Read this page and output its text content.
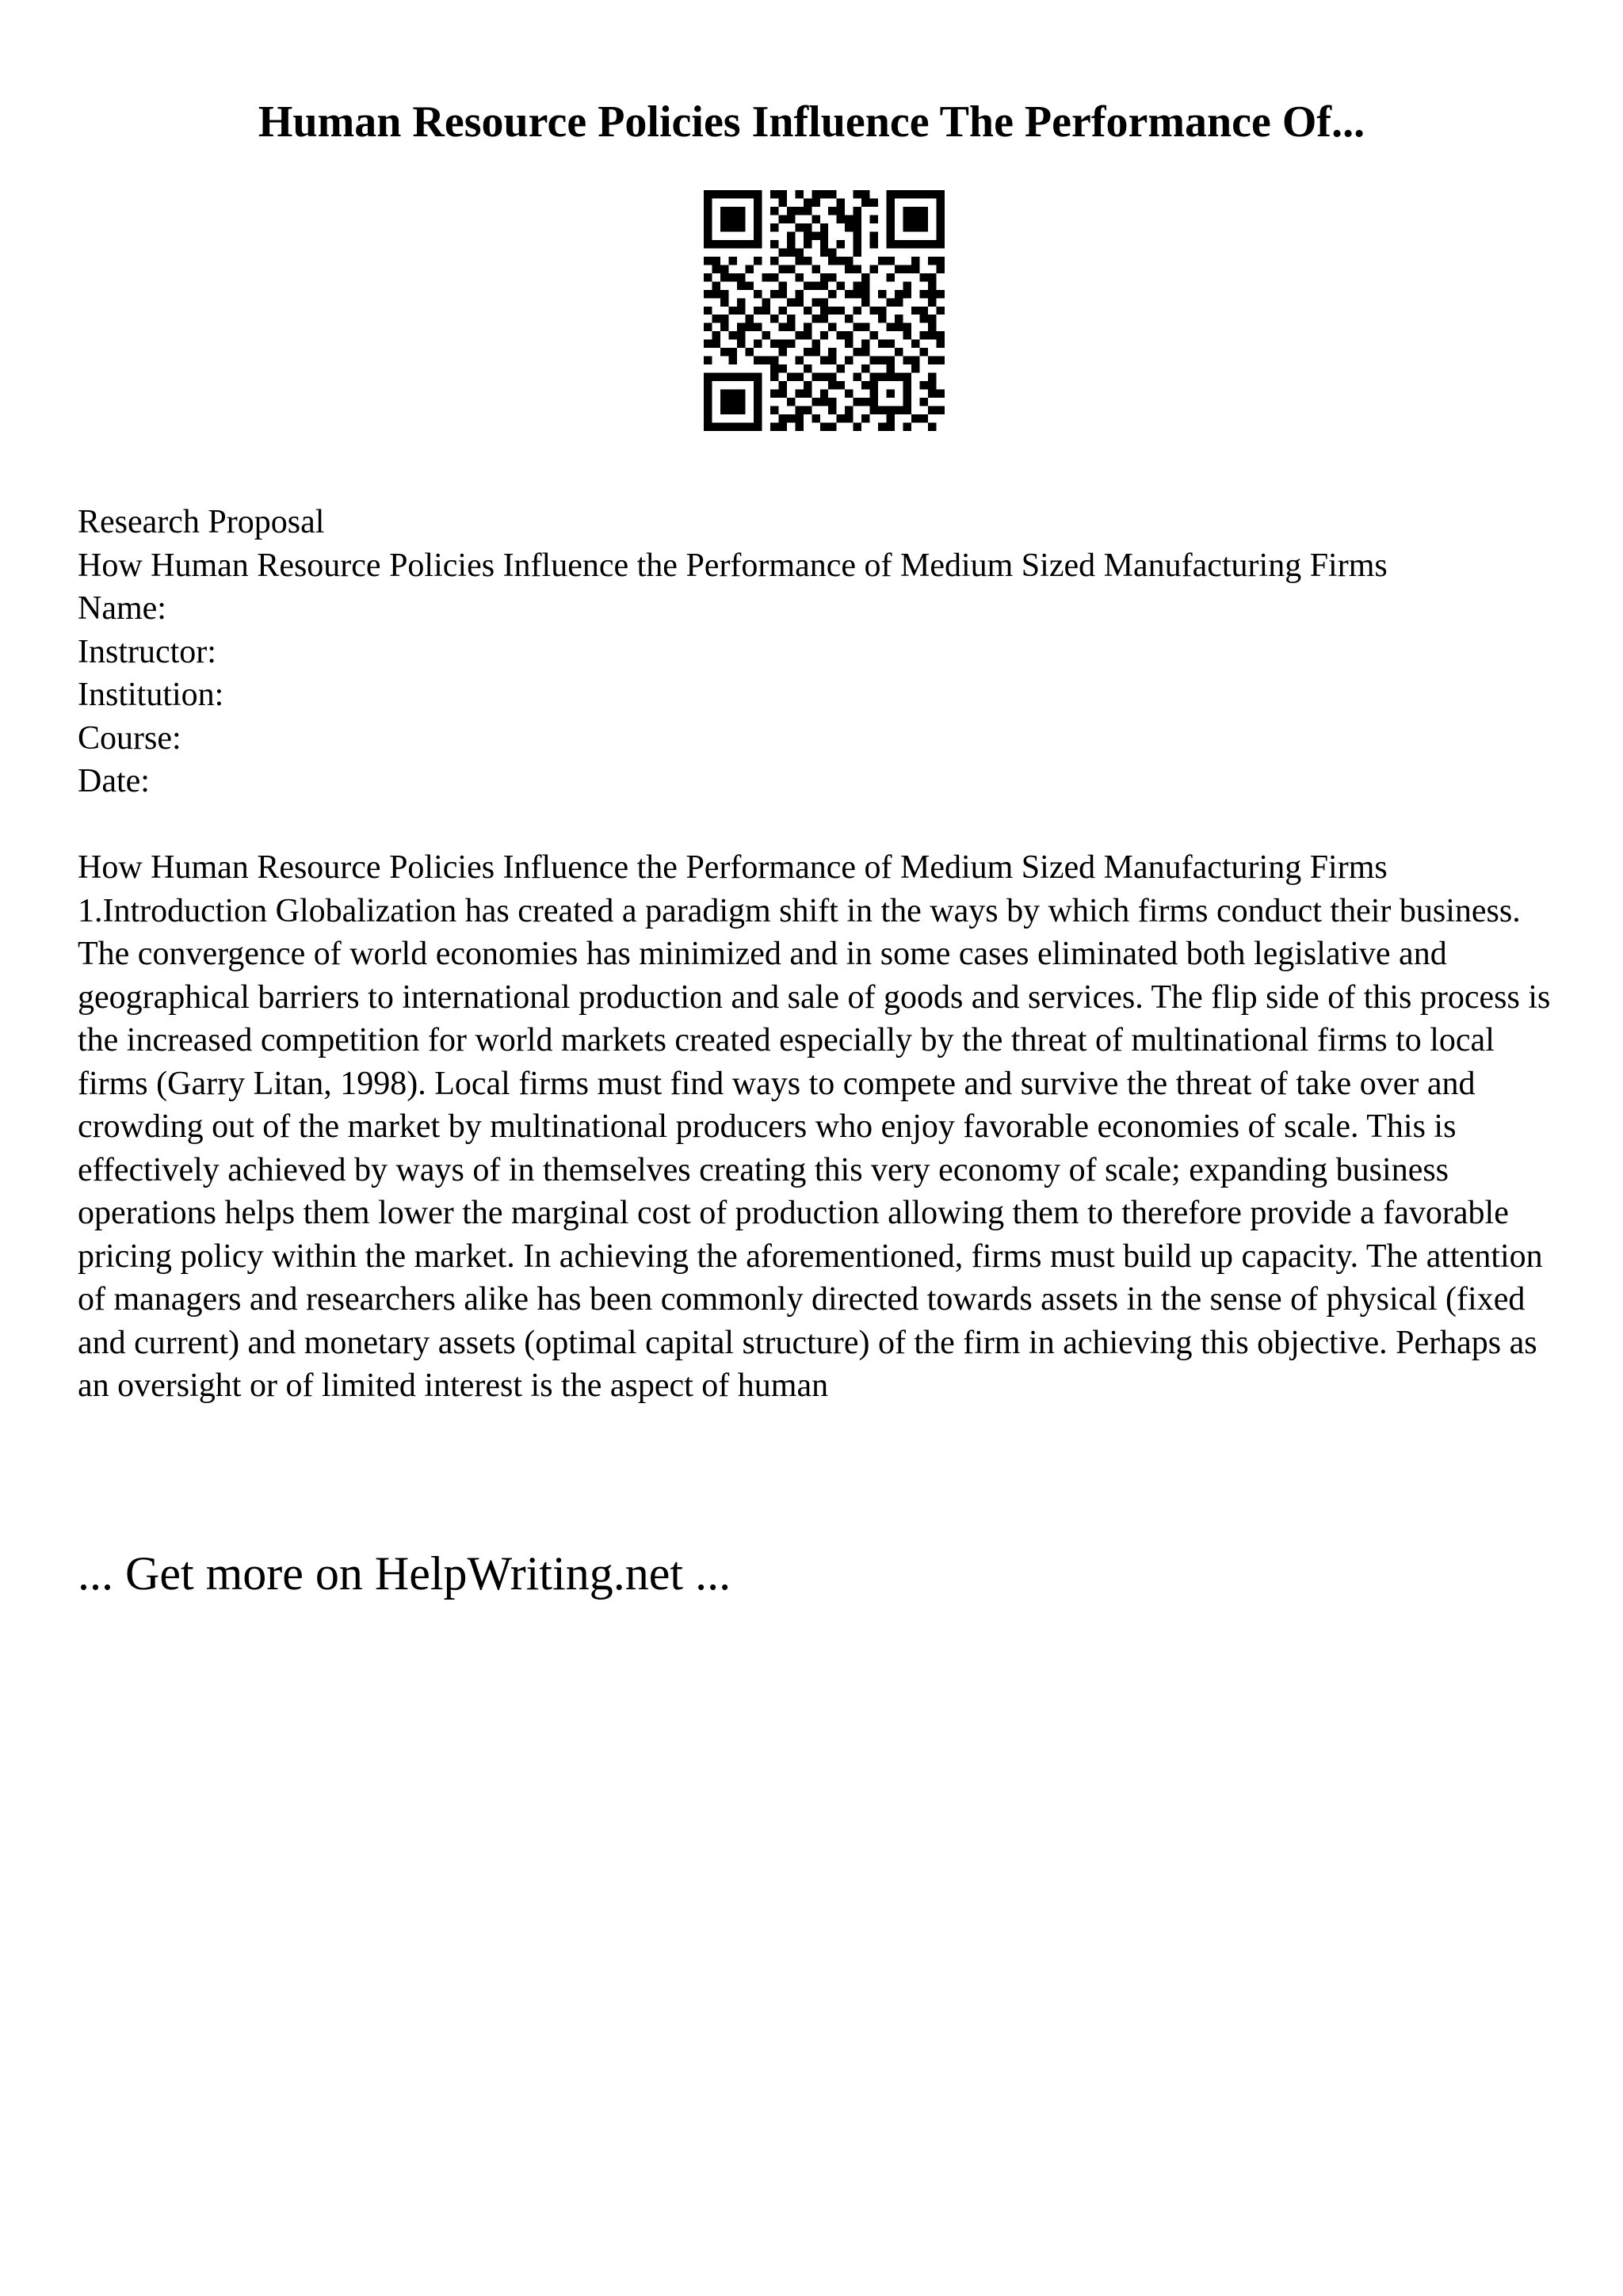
Human Resource Policies Influence The Performance Of...
Research Proposal
How Human Resource Policies Influence the Performance of Medium Sized Manufacturing Firms
Name:
Instructor:
Institution:
Course:
Date:

How Human Resource Policies Influence the Performance of Medium Sized Manufacturing Firms 1.Introduction Globalization has created a paradigm shift in the ways by which firms conduct their business. The convergence of world economies has minimized and in some cases eliminated both legislative and geographical barriers to international production and sale of goods and services. The flip side of this process is the increased competition for world markets created especially by the threat of multinational firms to local firms (Garry Litan, 1998). Local firms must find ways to compete and survive the threat of take over and crowding out of the market by multinational producers who enjoy favorable economies of scale. This is effectively achieved by ways of in themselves creating this very economy of scale; expanding business operations helps them lower the marginal cost of production allowing them to therefore provide a favorable pricing policy within the market. In achieving the aforementioned, firms must build up capacity. The attention of managers and researchers alike has been commonly directed towards assets in the sense of physical (fixed and current) and monetary assets (optimal capital structure) of the firm in achieving this objective. Perhaps as an oversight or of limited interest is the aspect of human

... Get more on HelpWriting.net ...
